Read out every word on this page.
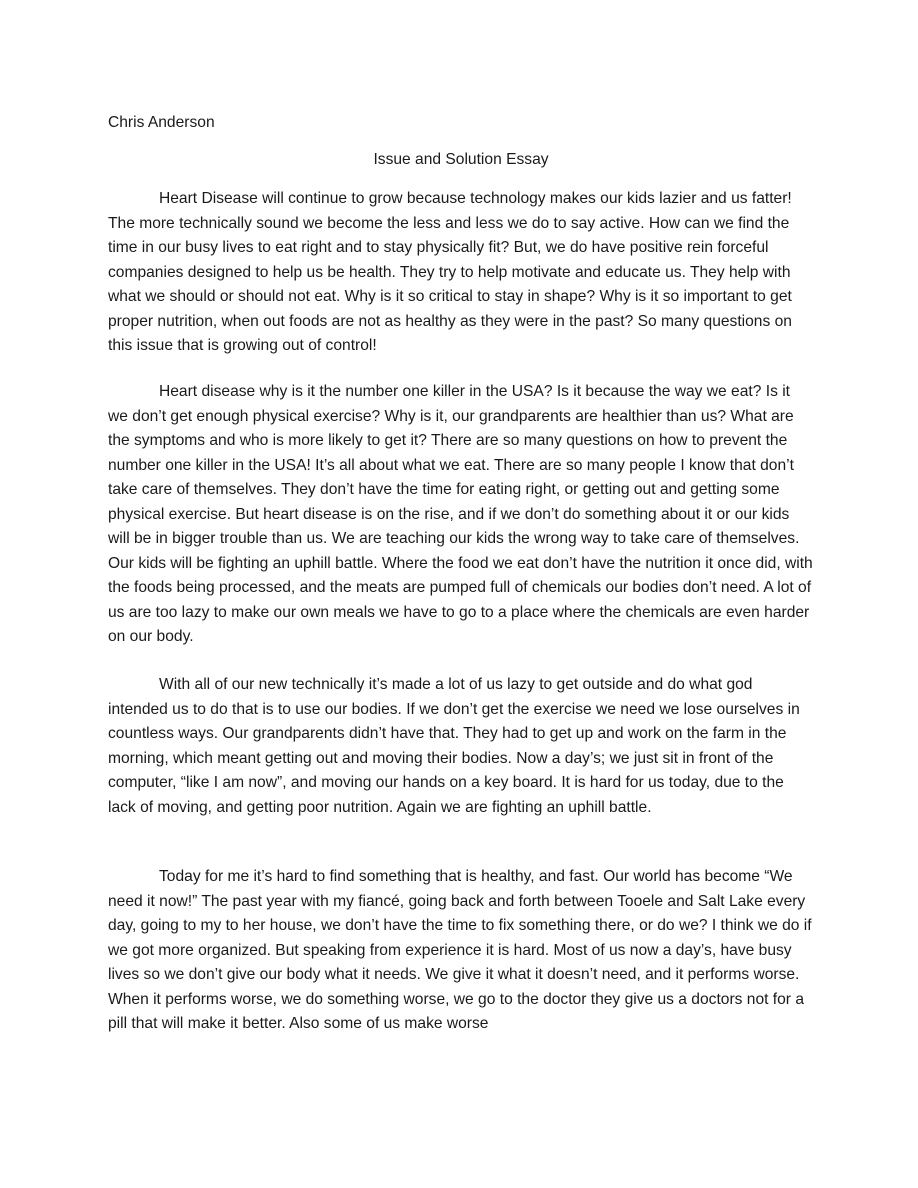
Chris Anderson
Issue and Solution Essay

Heart Disease will continue to grow because technology makes our kids lazier and us fatter! The more technically sound we become the less and less we do to say active. How can we find the time in our busy lives to eat right and to stay physically fit? But, we do have positive rein forceful companies designed to help us be health. They try to help motivate and educate us. They help with what we should or should not eat. Why is it so critical to stay in shape? Why is it so important to get proper nutrition, when out foods are not as healthy as they were in the past? So many questions on this issue that is growing out of control!

Heart disease why is it the number one killer in the USA? Is it because the way we eat? Is it we don’t get enough physical exercise? Why is it, our grandparents are healthier than us? What are the symptoms and who is more likely to get it? There are so many questions on how to prevent the number one killer in the USA! It’s all about what we eat. There are so many people I know that don’t take care of themselves. They don’t have the time for eating right, or getting out and getting some physical exercise. But heart disease is on the rise, and if we don’t do something about it or our kids will be in bigger trouble than us. We are teaching our kids the wrong way to take care of themselves. Our kids will be fighting an uphill battle. Where the food we eat don’t have the nutrition it once did, with the foods being processed, and the meats are pumped full of chemicals our bodies don’t need. A lot of us are too lazy to make our own meals we have to go to a place where the chemicals are even harder on our body.

With all of our new technically it’s made a lot of us lazy to get outside and do what god intended us to do that is to use our bodies. If we don’t get the exercise we need we lose ourselves in countless ways. Our grandparents didn’t have that. They had to get up and work on the farm in the morning, which meant getting out and moving their bodies. Now a day’s; we just sit in front of the computer, “like I am now”, and moving our hands on a key board. It is hard for us today, due to the lack of moving, and getting poor nutrition. Again we are fighting an uphill battle.

Today for me it’s hard to find something that is healthy, and fast. Our world has become “We need it now!” The past year with my fiancé, going back and forth between Tooele and Salt Lake every day, going to my to her house, we don’t have the time to fix something there, or do we? I think we do if we got more organized. But speaking from experience it is hard. Most of us now a day’s, have busy lives so we don’t give our body what it needs. We give it what it doesn’t need, and it performs worse. When it performs worse, we do something worse, we go to the doctor they give us a doctors not for a pill that will make it better. Also some of us make worse
